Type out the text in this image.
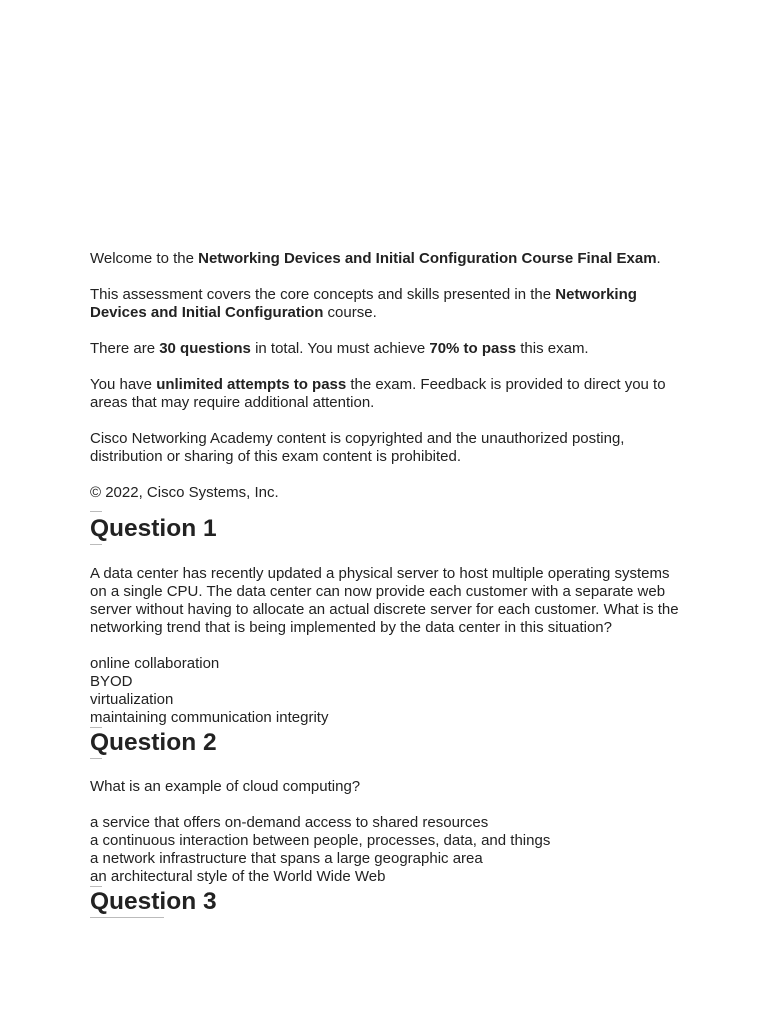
Welcome to the Networking Devices and Initial Configuration Course Final Exam.

This assessment covers the core concepts and skills presented in the Networking Devices and Initial Configuration course.

There are 30 questions in total. You must achieve 70% to pass this exam.

You have unlimited attempts to pass the exam. Feedback is provided to direct you to areas that may require additional attention.

Cisco Networking Academy content is copyrighted and the unauthorized posting, distribution or sharing of this exam content is prohibited.

© 2022, Cisco Systems, Inc.

Question 1

A data center has recently updated a physical server to host multiple operating systems on a single CPU. The data center can now provide each customer with a separate web server without having to allocate an actual discrete server for each customer. What is the networking trend that is being implemented by the data center in this situation?

online collaboration
BYOD
virtualization
maintaining communication integrity
Question 2

What is an example of cloud computing?

a service that offers on-demand access to shared resources
a continuous interaction between people, processes, data, and things
a network infrastructure that spans a large geographic area
an architectural style of the World Wide Web
Question 3
